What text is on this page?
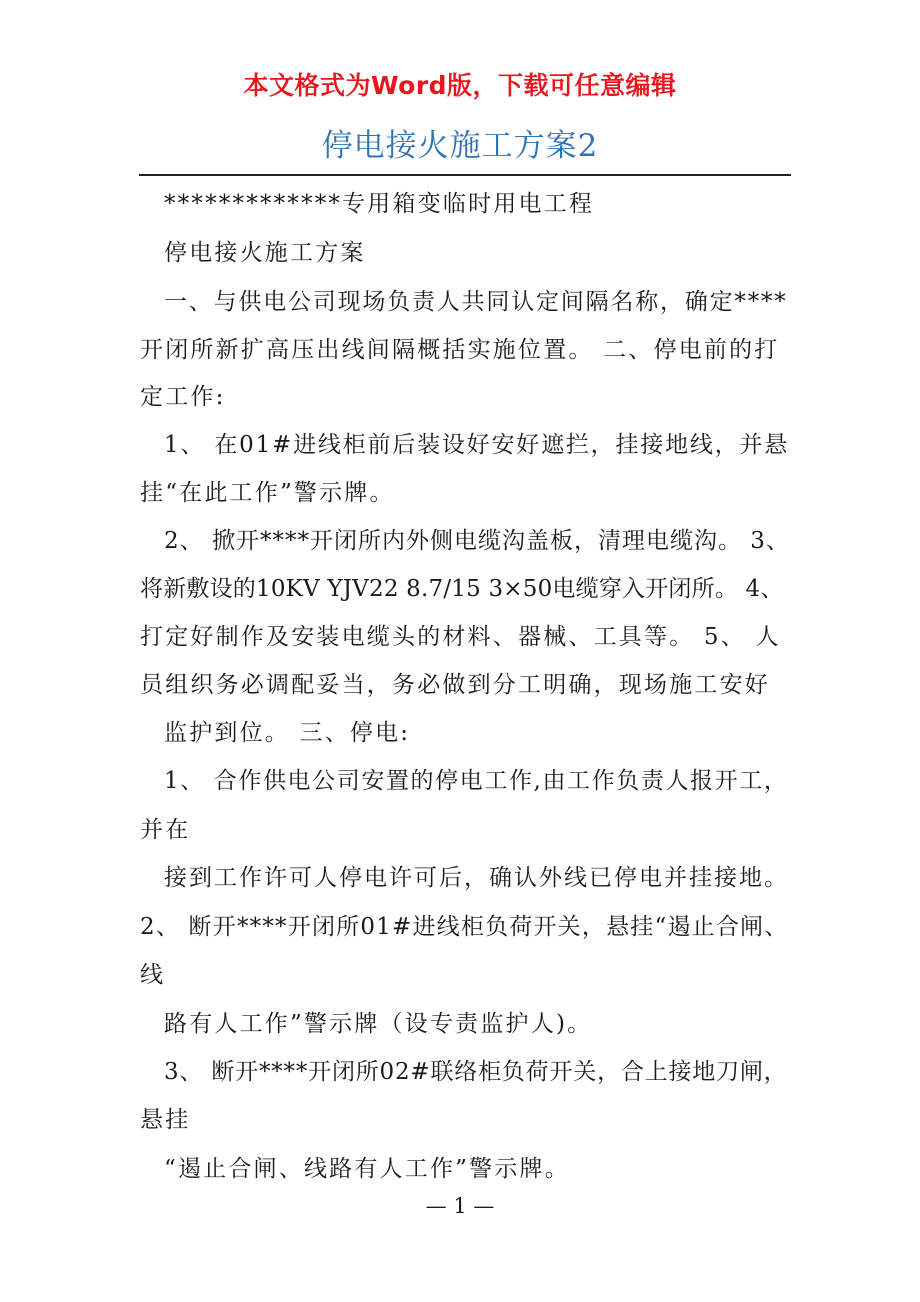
本文格式为Word版，下载可任意编辑
停电接火施工方案2
*************专用箱变临时用电工程
停电接火施工方案
一、与供电公司现场负责人共同认定间隔名称，确定****
开闭所新扩高压出线间隔概括实施位置。 二、停电前的打
定工作:
1、 在01#进线柜前后装设好安好遮拦，挂接地线，并悬
挂“在此工作”警示牌。
2、 掀开****开闭所内外侧电缆沟盖板，清理电缆沟。 3、
将新敷设的10KV YJV22 8.7/15 3×50电缆穿入开闭所。 4、
打定好制作及安装电缆头的材料、器械、工具等。 5、 人
员组织务必调配妥当，务必做到分工明确，现场施工安好
监护到位。 三、停电:
1、 合作供电公司安置的停电工作,由工作负责人报开工，
并在
接到工作许可人停电许可后，确认外线已停电并挂接地。
2、 断开****开闭所01#进线柜负荷开关，悬挂“遏止合闸、
线
路有人工作”警示牌（设专责监护人)。
3、 断开****开闭所02#联络柜负荷开关，合上接地刀闸，
悬挂
“遏止合闸、线路有人工作”警示牌。
— 1 —
